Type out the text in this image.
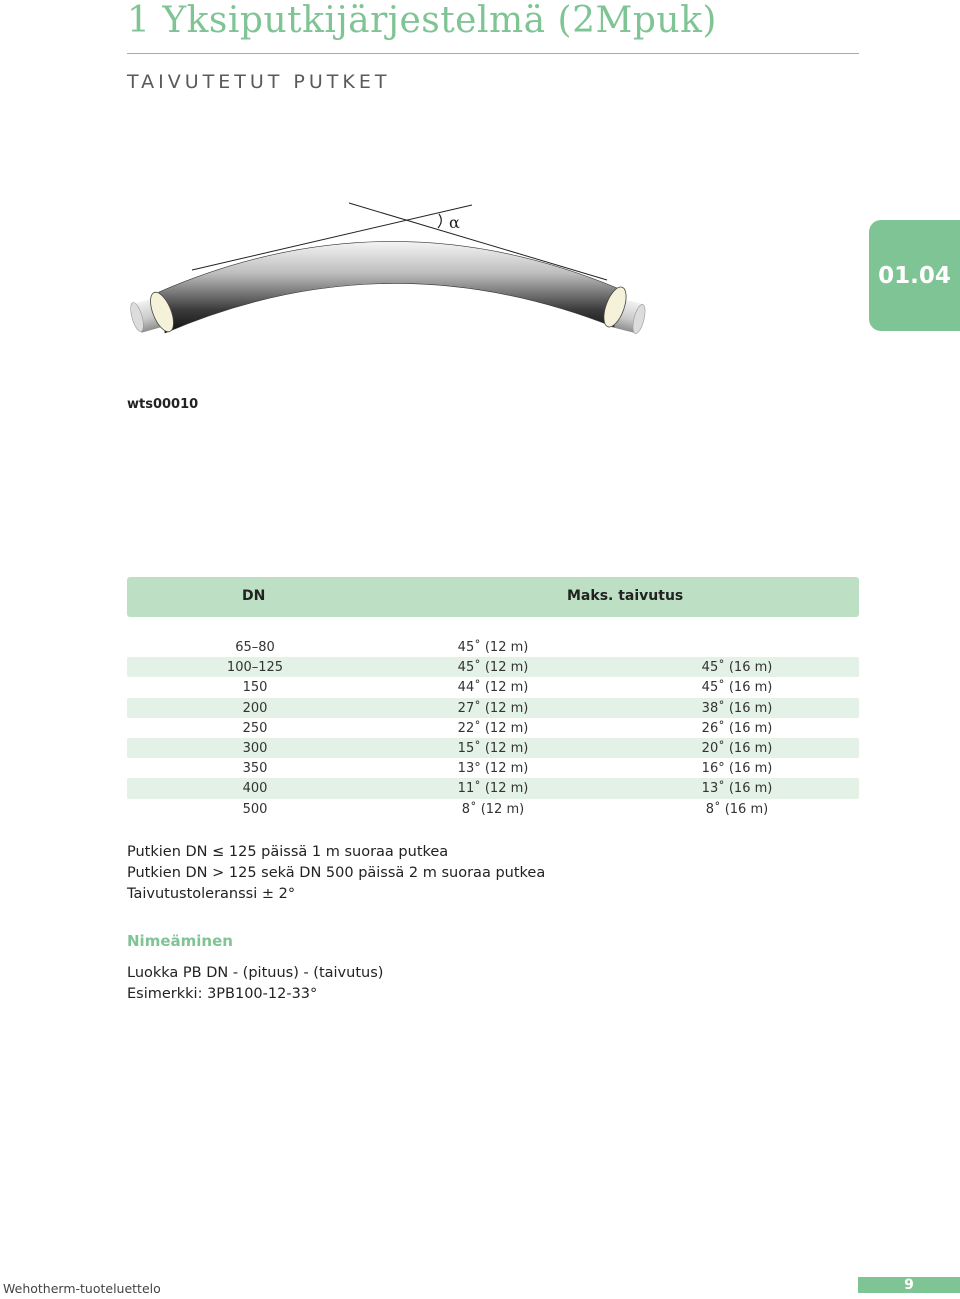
1 Yksiputkijärjestelmä (2Mpuk)
TAIVUTETUT PUTKET
01.04
α
wts00010
DN	Maks. taivutus
65–80	45˚ (12 m)
100–125	45˚ (12 m)	45˚ (16 m)
150	44˚ (12 m)	45˚ (16 m)
200	27˚ (12 m)	38˚ (16 m)
250	22˚ (12 m)	26˚ (16 m)
300	15˚ (12 m)	20˚ (16 m)
350	13° (12 m)	16° (16 m)
400	11˚ (12 m)	13˚ (16 m)
500	8˚ (12 m)	8˚ (16 m)
Putkien DN ≤ 125 päissä 1 m suoraa putkea
Putkien DN > 125 sekä DN 500 päissä 2 m suoraa putkea
Taivutustoleranssi ± 2°
Nimeäminen
Luokka PB DN - (pituus) - (taivutus)
Esimerkki: 3PB100-12-33°
Wehotherm-tuoteluettelo	9
